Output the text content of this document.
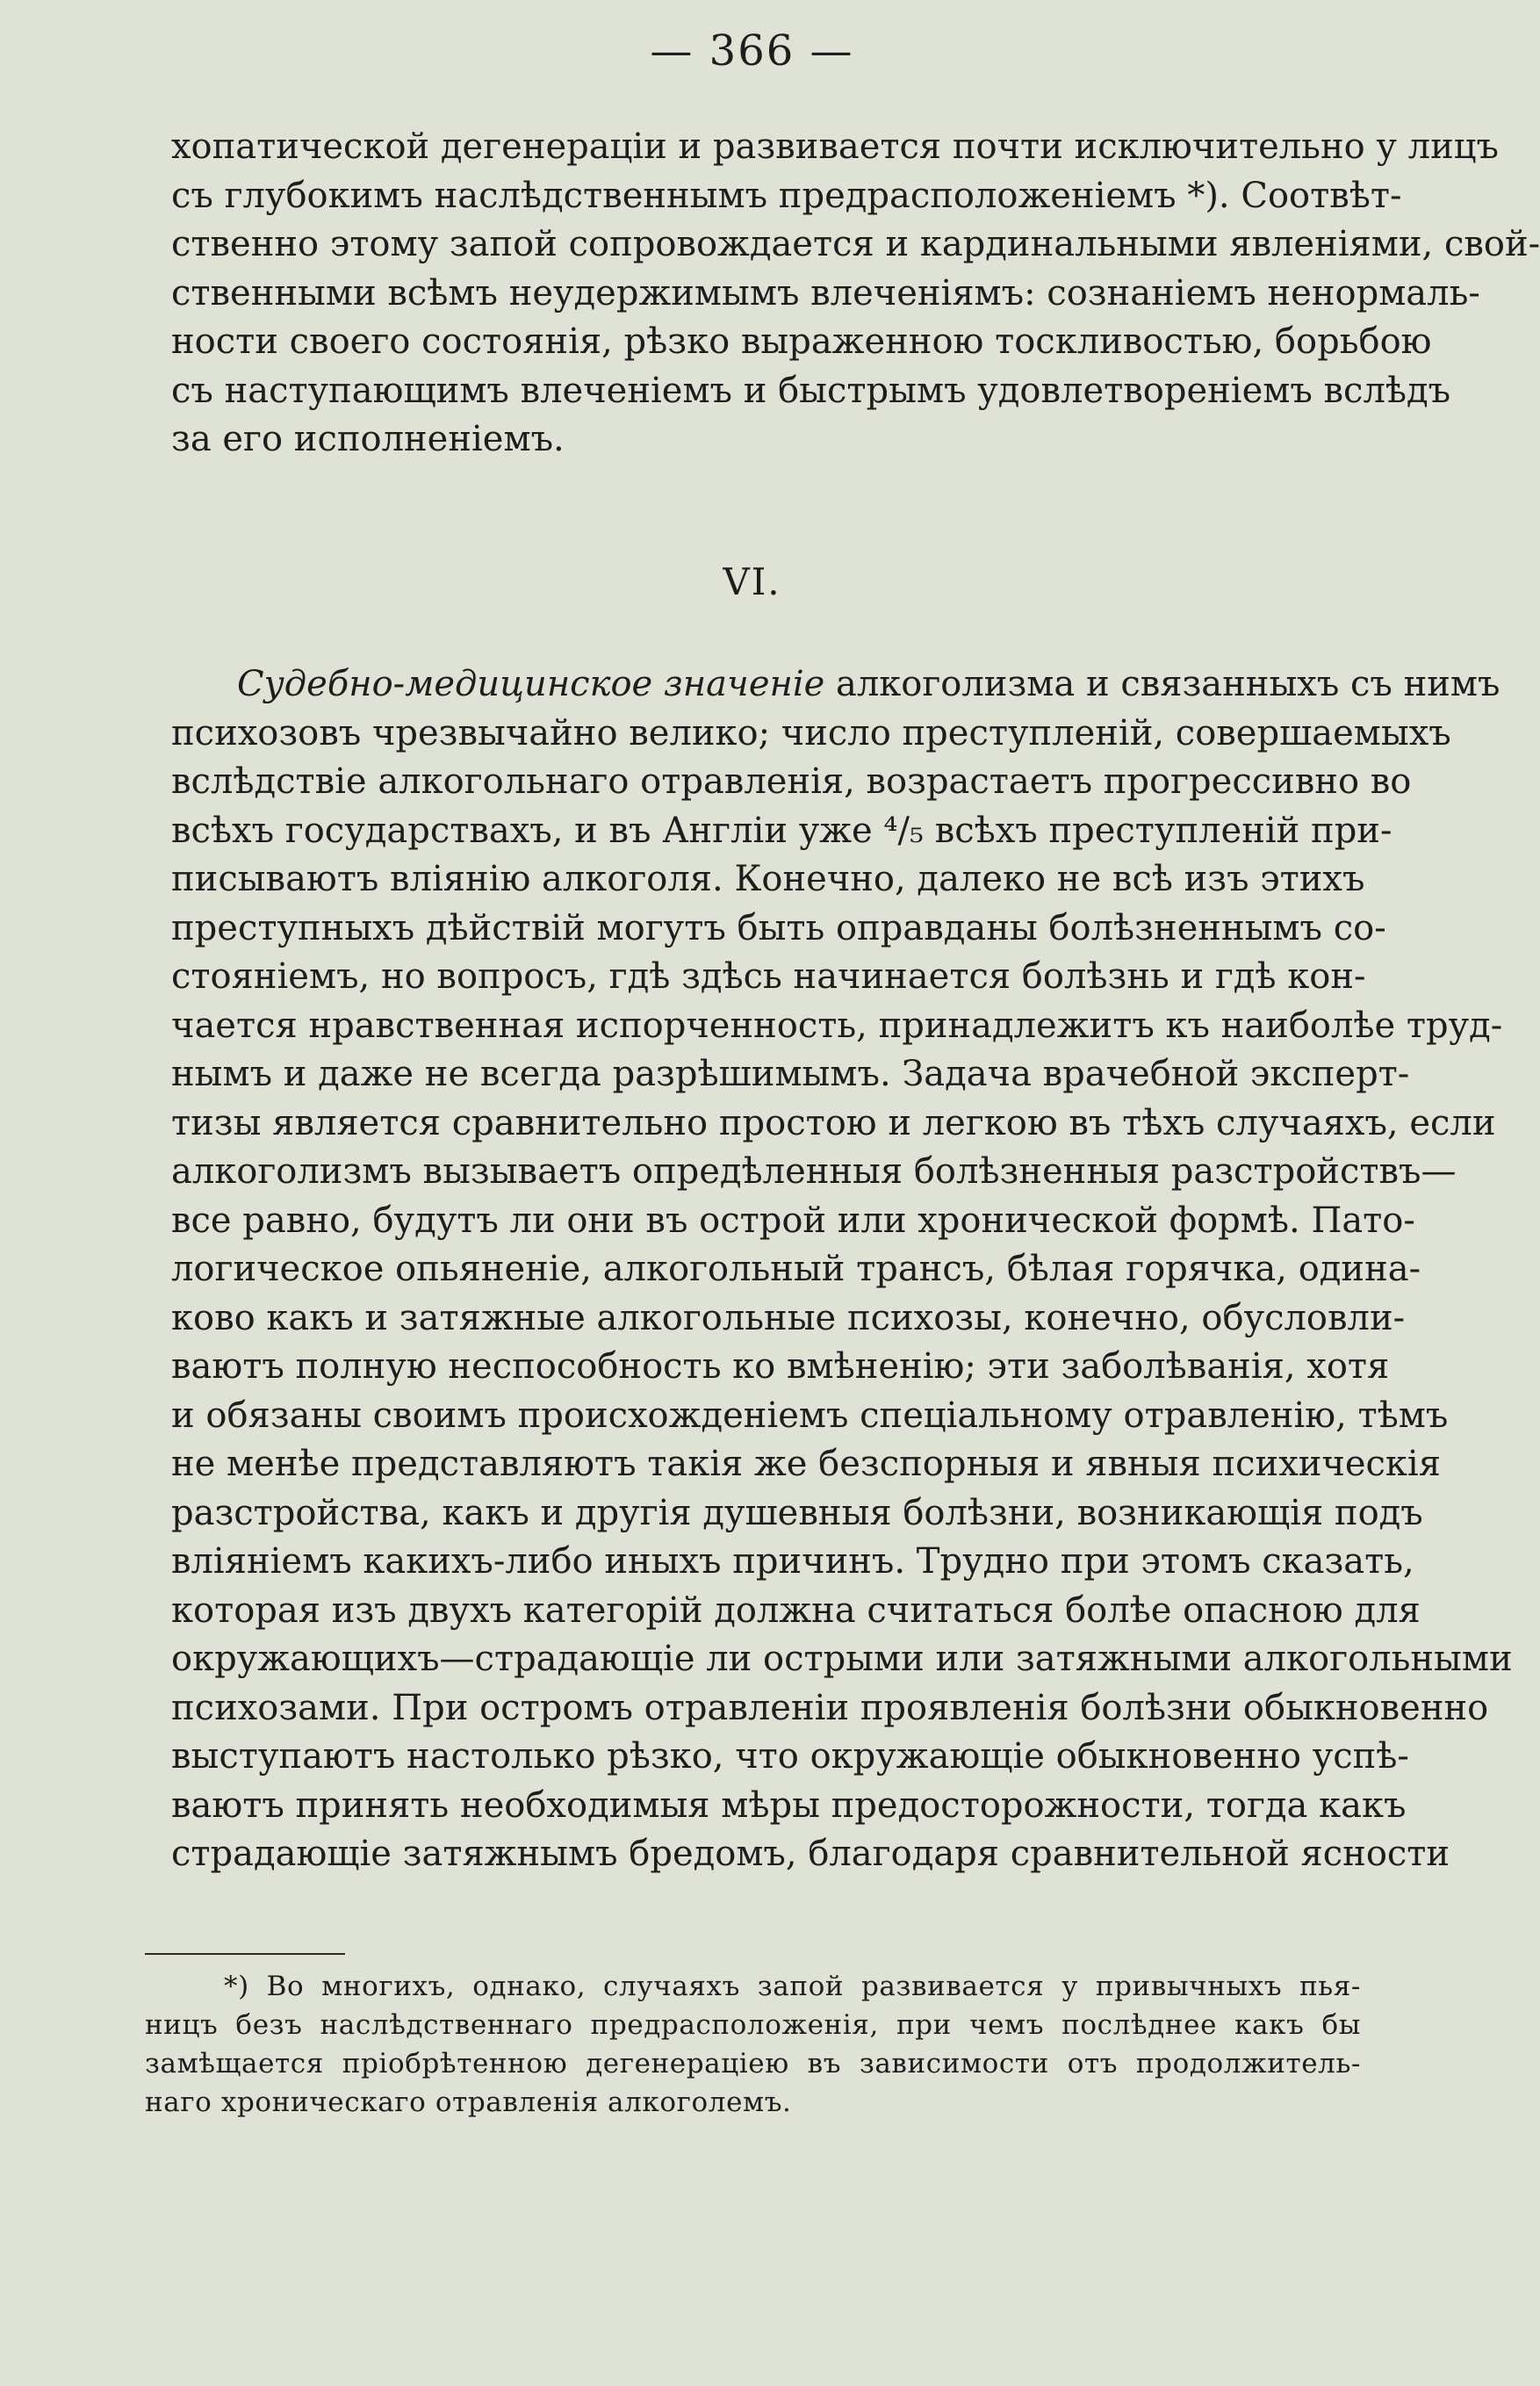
— 366 —
хопатической дегенераціи и развивается почти исключительно у лицъ
съ глубокимъ наслѣдственнымъ предрасположеніемъ *). Соотвѣт-
ственно этому запой сопровождается и кардинальными явленіями, свой-
ственными всѣмъ неудержимымъ влеченіямъ: сознаніемъ ненормаль-
ности своего состоянія, рѣзко выраженною тоскливостью, борьбою
съ наступающимъ влеченіемъ и быстрымъ удовлетвореніемъ вслѣдъ
за его исполненіемъ.
VI.
Судебно-медицинское значеніе алкоголизма и связанныхъ съ нимъ
психозовъ чрезвычайно велико; число преступленій, совершаемыхъ
вслѣдствіе алкогольнаго отравленія, возрастаетъ прогрессивно во
всѣхъ государствахъ, и въ Англіи уже ⁴/₅ всѣхъ преступленій при-
писываютъ вліянію алкоголя. Конечно, далеко не всѣ изъ этихъ
преступныхъ дѣйствій могутъ быть оправданы болѣзненнымъ со-
стояніемъ, но вопросъ, гдѣ здѣсь начинается болѣзнь и гдѣ кон-
чается нравственная испорченность, принадлежитъ къ наиболѣе труд-
нымъ и даже не всегда разрѣшимымъ. Задача врачебной эксперт-
тизы является сравнительно простою и легкою въ тѣхъ случаяхъ, если
алкоголизмъ вызываетъ опредѣленныя болѣзненныя разстройствъ—
все равно, будутъ ли они въ острой или хронической формѣ. Пато-
логическое опьяненіе, алкогольный трансъ, бѣлая горячка, одина-
ково какъ и затяжные алкогольные психозы, конечно, обусловли-
ваютъ полную неспособность ко вмѣненію; эти заболѣванія, хотя
и обязаны своимъ происхожденіемъ спеціальному отравленію, тѣмъ
не менѣе представляютъ такія же безспорныя и явныя психическія
разстройства, какъ и другія душевныя болѣзни, возникающія подъ
вліяніемъ какихъ-либо иныхъ причинъ. Трудно при этомъ сказать,
которая изъ двухъ категорій должна считаться болѣе опасною для
окружающихъ—страдающіе ли острыми или затяжными алкогольными
психозами. При остромъ отравленіи проявленія болѣзни обыкновенно
выступаютъ настолько рѣзко, что окружающіе обыкновенно успѣ-
ваютъ принять необходимыя мѣры предосторожности, тогда какъ
страдающіе затяжнымъ бредомъ, благодаря сравнительной ясности
*) Во многихъ, однако, случаяхъ запой развивается у привычныхъ пья-
ницъ безъ наслѣдственнаго предрасположенія, при чемъ послѣднее какъ бы
замѣщается пріобрѣтенною дегенераціею въ зависимости отъ продолжитель-
наго хроническаго отравленія алкоголемъ.
